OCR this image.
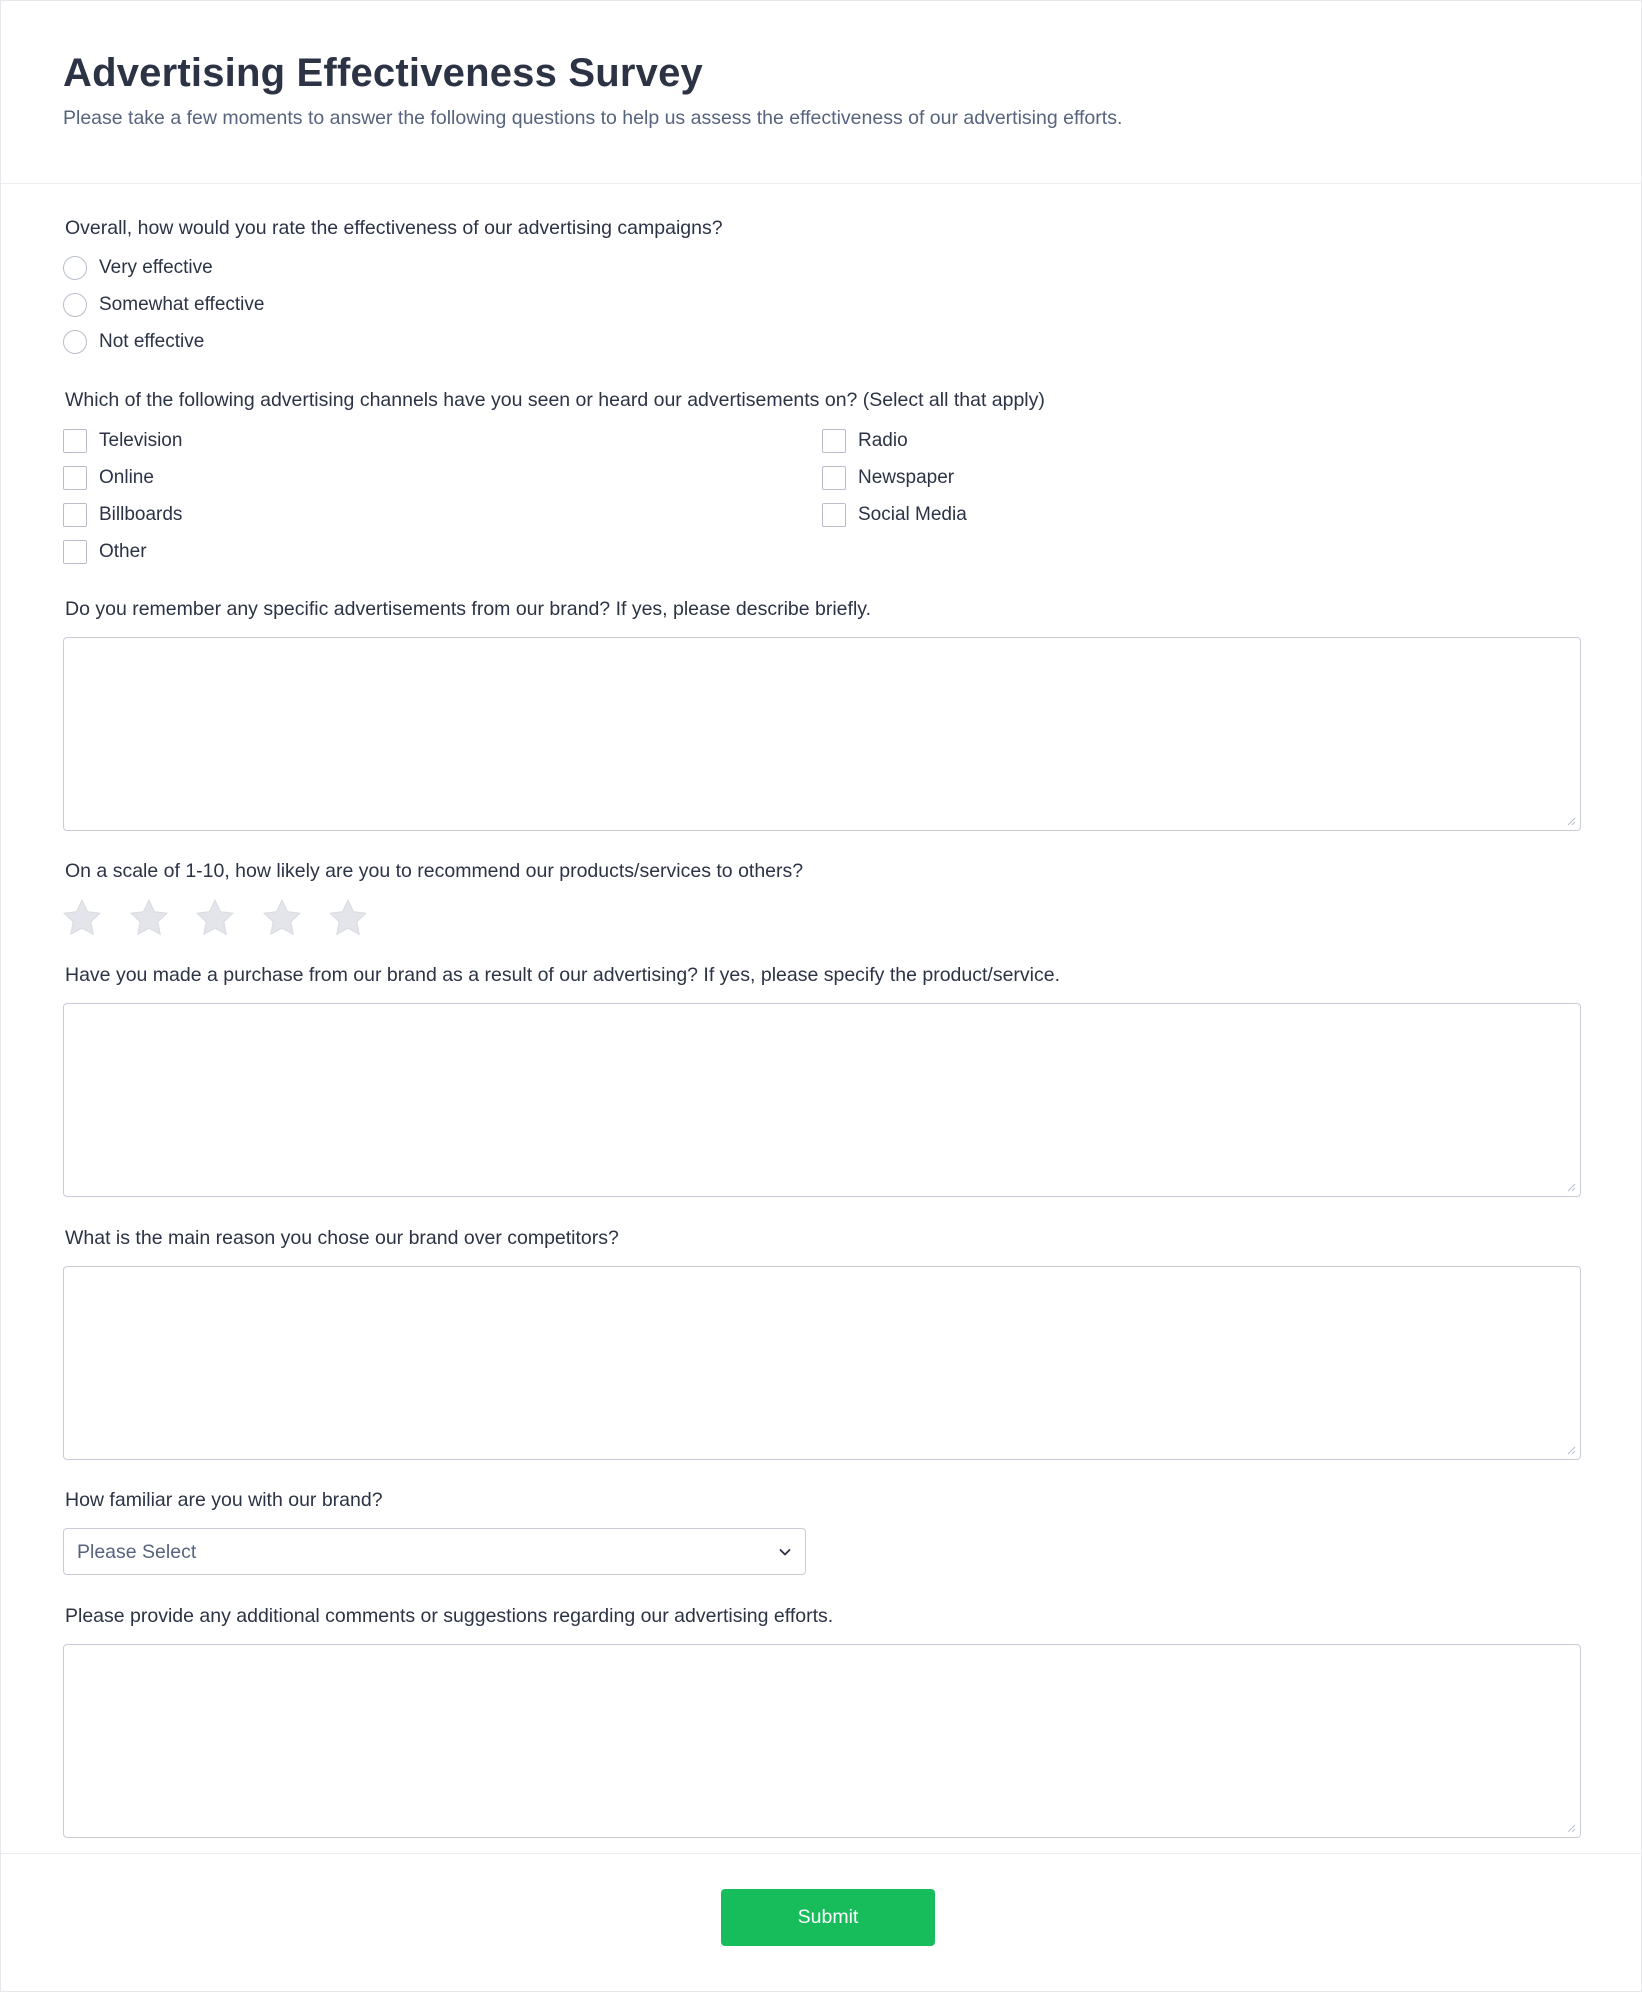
Advertising Effectiveness Survey

Please take a few moments to answer the following questions to help us assess the effectiveness of our advertising efforts.

Overall, how would you rate the effectiveness of our advertising campaigns?
Very effective
Somewhat effective
Not effective
Which of the following advertising channels have you seen or heard our advertisements on? (Select all that apply)
Television	Radio
Online	Newspaper
Billboards	Social Media
Other
Do you remember any specific advertisements from our brand? If yes, please describe briefly.
On a scale of 1-10, how likely are you to recommend our products/services to others?
Have you made a purchase from our brand as a result of our advertising? If yes, please specify the product/service.
What is the main reason you chose our brand over competitors?
How familiar are you with our brand?
Please Select
Please provide any additional comments or suggestions regarding our advertising efforts.
Submit
